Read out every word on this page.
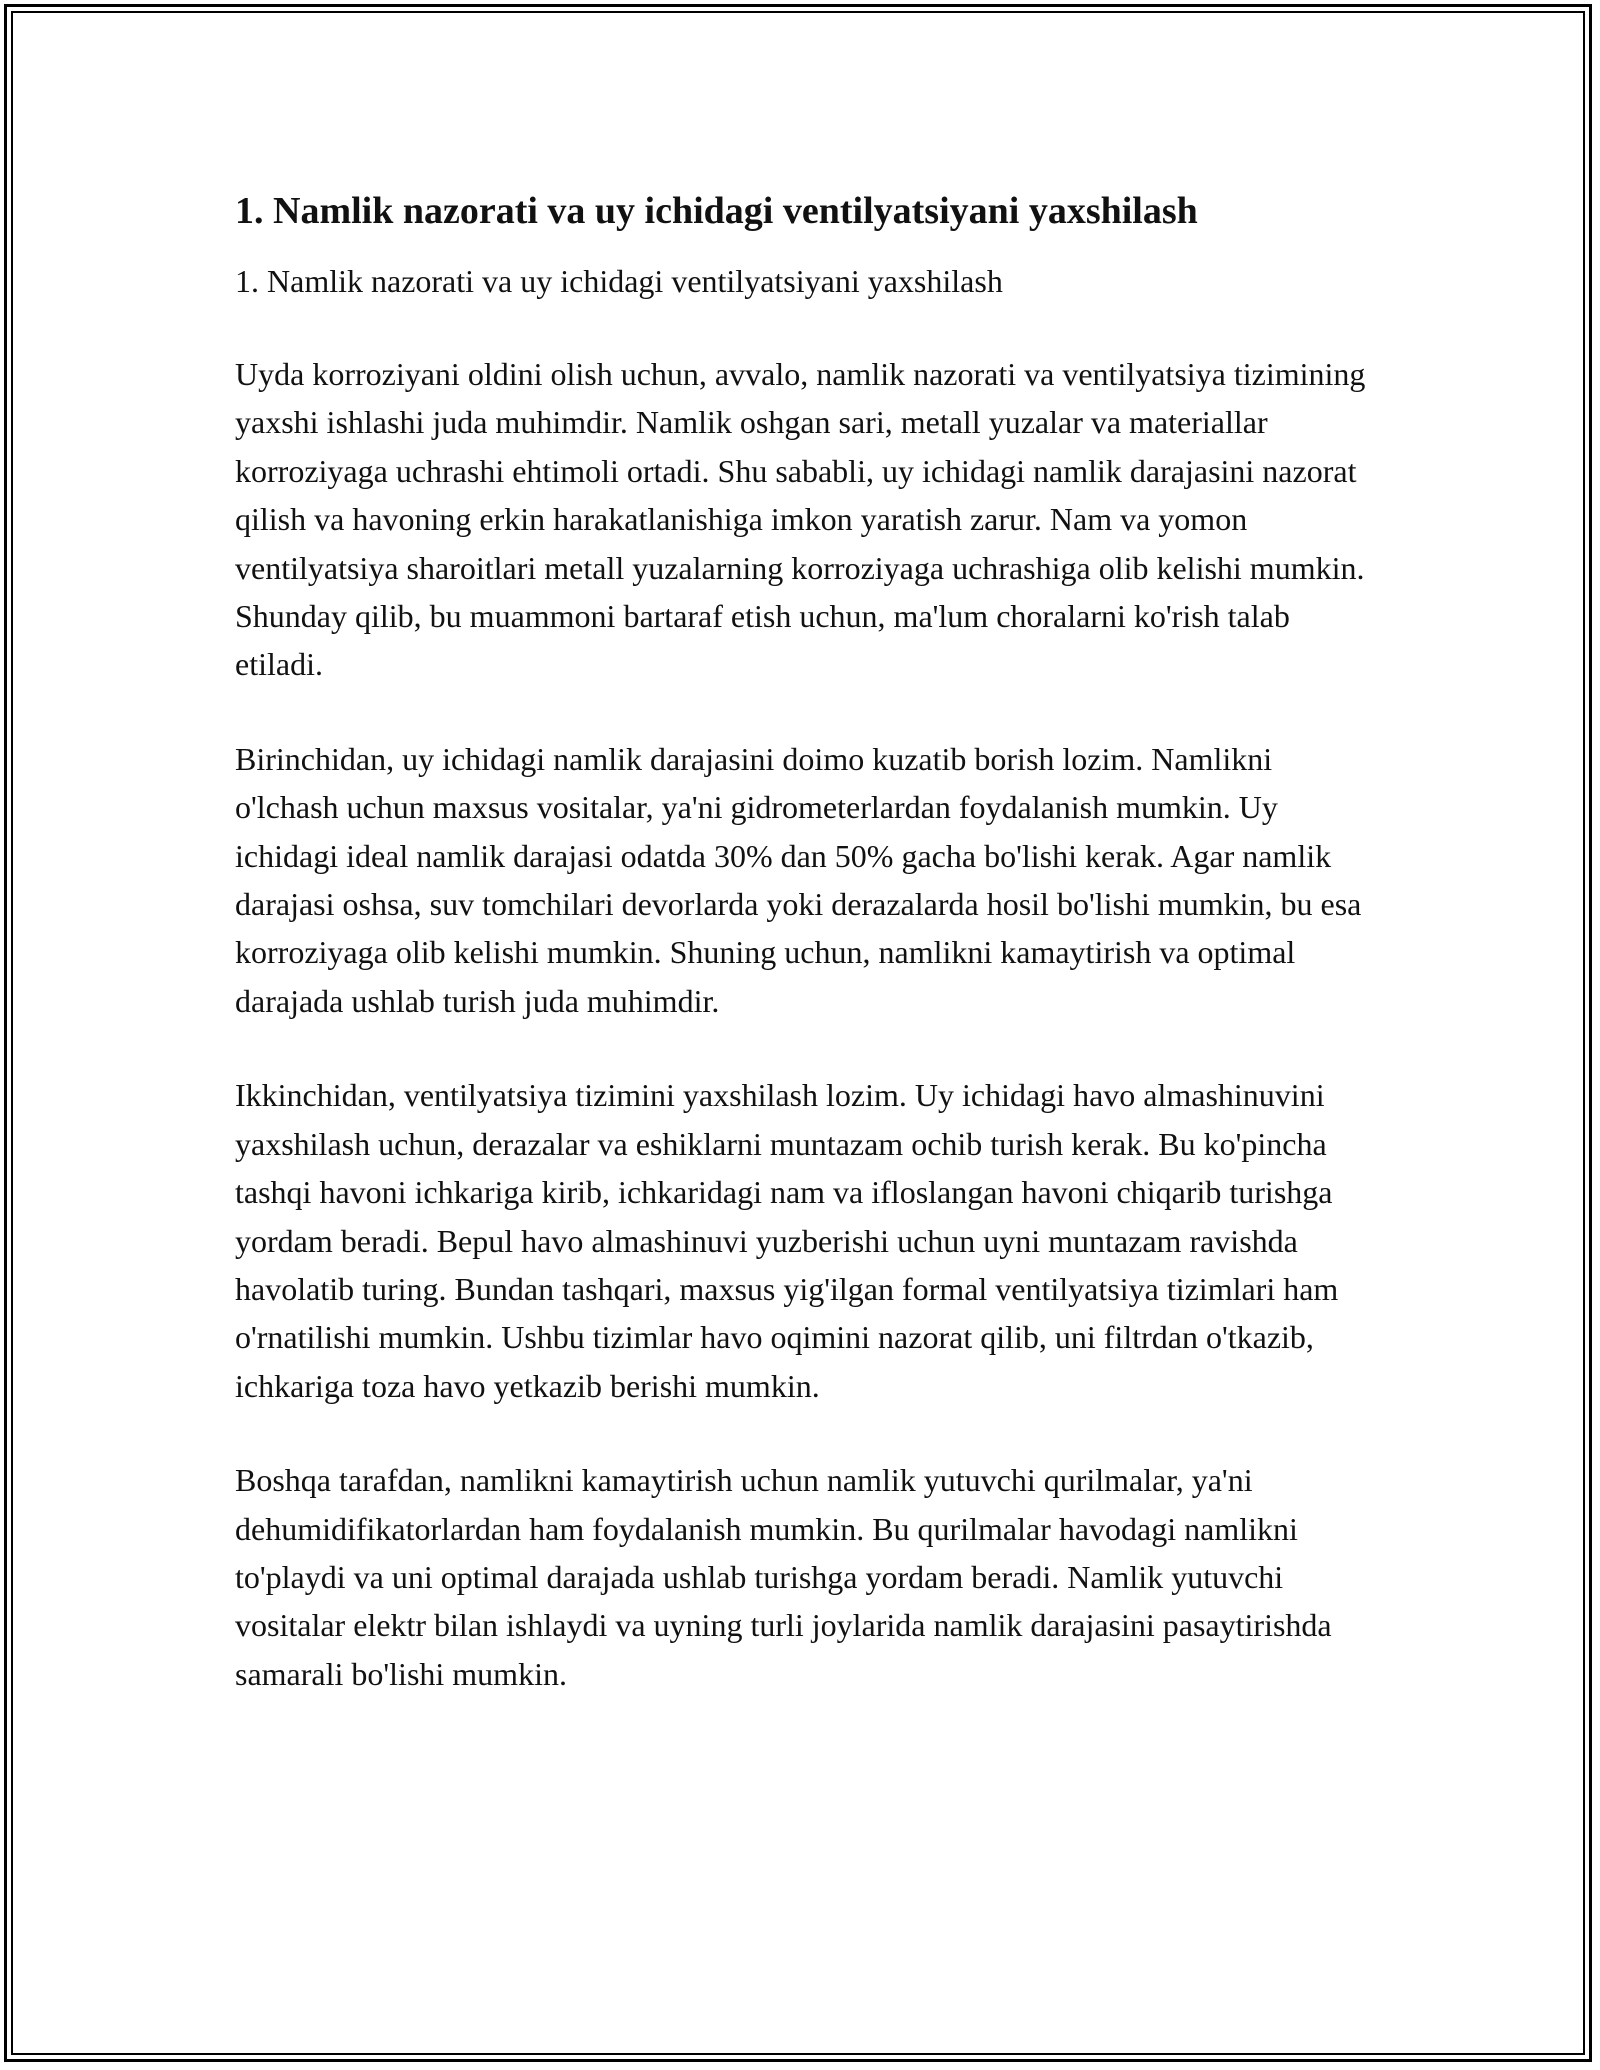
1. Namlik nazorati va uy ichidagi ventilyatsiyani yaxshilash

1. Namlik nazorati va uy ichidagi ventilyatsiyani yaxshilash

Uyda korroziyani oldini olish uchun, avvalo, namlik nazorati va ventilyatsiya tizimining yaxshi ishlashi juda muhimdir. Namlik oshgan sari, metall yuzalar va materiallar korroziyaga uchrashi ehtimoli ortadi. Shu sababli, uy ichidagi namlik darajasini nazorat qilish va havoning erkin harakatlanishiga imkon yaratish zarur. Nam va yomon ventilyatsiya sharoitlari metall yuzalarning korroziyaga uchrashiga olib kelishi mumkin. Shunday qilib, bu muammoni bartaraf etish uchun, ma'lum choralarni ko'rish talab etiladi.

Birinchidan, uy ichidagi namlik darajasini doimo kuzatib borish lozim. Namlikni o'lchash uchun maxsus vositalar, ya'ni gidrometerlardan foydalanish mumkin. Uy ichidagi ideal namlik darajasi odatda 30% dan 50% gacha bo'lishi kerak. Agar namlik darajasi oshsa, suv tomchilari devorlarda yoki derazalarda hosil bo'lishi mumkin, bu esa korroziyaga olib kelishi mumkin. Shuning uchun, namlikni kamaytirish va optimal darajada ushlab turish juda muhimdir.

Ikkinchidan, ventilyatsiya tizimini yaxshilash lozim. Uy ichidagi havo almashinuvini yaxshilash uchun, derazalar va eshiklarni muntazam ochib turish kerak. Bu ko'pincha tashqi havoni ichkariga kirib, ichkaridagi nam va ifloslangan havoni chiqarib turishga yordam beradi. Bepul havo almashinuvi yuzberishi uchun uyni muntazam ravishda havolatib turing. Bundan tashqari, maxsus yig'ilgan formal ventilyatsiya tizimlari ham o'rnatilishi mumkin. Ushbu tizimlar havo oqimini nazorat qilib, uni filtrdan o'tkazib, ichkariga toza havo yetkazib berishi mumkin.

Boshqa tarafdan, namlikni kamaytirish uchun namlik yutuvchi qurilmalar, ya'ni dehumidifikatorlardan ham foydalanish mumkin. Bu qurilmalar havodagi namlikni to'playdi va uni optimal darajada ushlab turishga yordam beradi. Namlik yutuvchi vositalar elektr bilan ishlaydi va uyning turli joylarida namlik darajasini pasaytirishda samarali bo'lishi mumkin.
